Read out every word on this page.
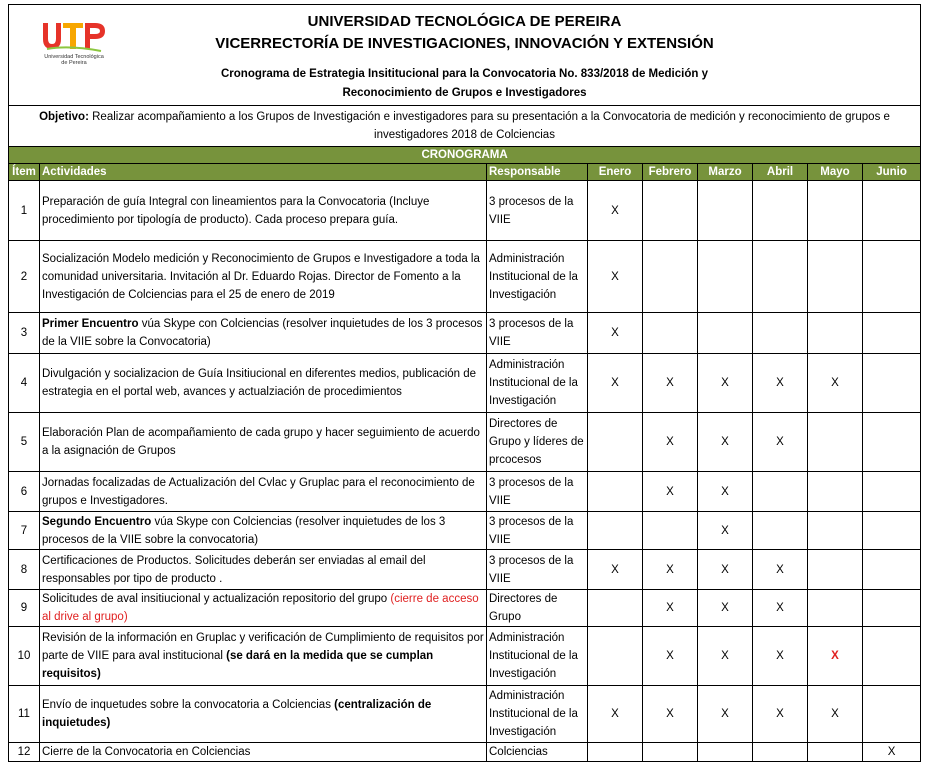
Universidad Tecnológica
de Pereira
UNIVERSIDAD TECNOLÓGICA DE PEREIRA
VICERRECTORÍA DE INVESTIGACIONES, INNOVACIÓN Y EXTENSIÓN
Cronograma de Estrategia Insititucional para la Convocatoria No. 833/2018 de Medición y
Reconocimiento de Grupos e Investigadores

Objetivo: Realizar acompañamiento a los Grupos de Investigación e investigadores para su presentación a la Convocatoria de medición y reconocimiento de grupos e investigadores 2018 de Colciencias
CRONOGRAMA								
Ítem	Actividades	Responsable	Enero	Febrero	Marzo	Abril	Mayo	Junio
1	Preparación de guía Integral con lineamientos para la Convocatoria (Incluye procedimiento por tipología de producto). Cada proceso prepara guía.	3 procesos de la VIIE	X					
2	Socialización Modelo medición y Reconocimiento de Grupos e Investigadore a toda la comunidad universitaria. Invitación al Dr. Eduardo Rojas. Director de Fomento a la Investigación de Colciencias para el 25 de enero de 2019	Administración Institucional de la Investigación	X					
3	Primer Encuentro vúa Skype con Colciencias (resolver inquietudes de los 3 procesos de la VIIE sobre la Convocatoria)	3 procesos de la VIIE	X					
4	Divulgación y socializacion de Guía Insitiucional en diferentes medios, publicación de estrategia en el portal web, avances y actualziación de procedimientos	Administración Institucional de la Investigación	X	X	X	X	X	
5	Elaboración Plan de acompañamiento de cada grupo y hacer seguimiento de acuerdo a la asignación de Grupos	Directores de Grupo y líderes de prcocesos		X	X	X		
6	Jornadas focalizadas de Actualización del Cvlac y Gruplac para el reconocimiento de grupos e Investigadores.	3 procesos de la VIIE		X	X			
7	Segundo Encuentro vúa Skype con Colciencias (resolver inquietudes de los 3 procesos de la VIIE sobre la convocatoria)	3 procesos de la VIIE			X			
8	Certificaciones de Productos. Solicitudes deberán ser enviadas al email del responsables por tipo de producto .	3 procesos de la VIIE	X	X	X	X		
9	Solicitudes de aval insitiucional y actualización repositorio del grupo (cierre de acceso al drive al grupo)	Directores de Grupo		X	X	X		
10	Revisión de la información en Gruplac y verificación de Cumplimiento de requisitos por parte de VIIE para aval institucional (se dará en la medida que se cumplan requisitos)	Administración Institucional de la Investigación		X	X	X	X	
11	Envío de inquetudes sobre la convocatoria a Colciencias (centralización de inquietudes)	Administración Institucional de la Investigación	X	X	X	X	X	
12	Cierre de la Convocatoria en Colciencias	Colciencias						X
